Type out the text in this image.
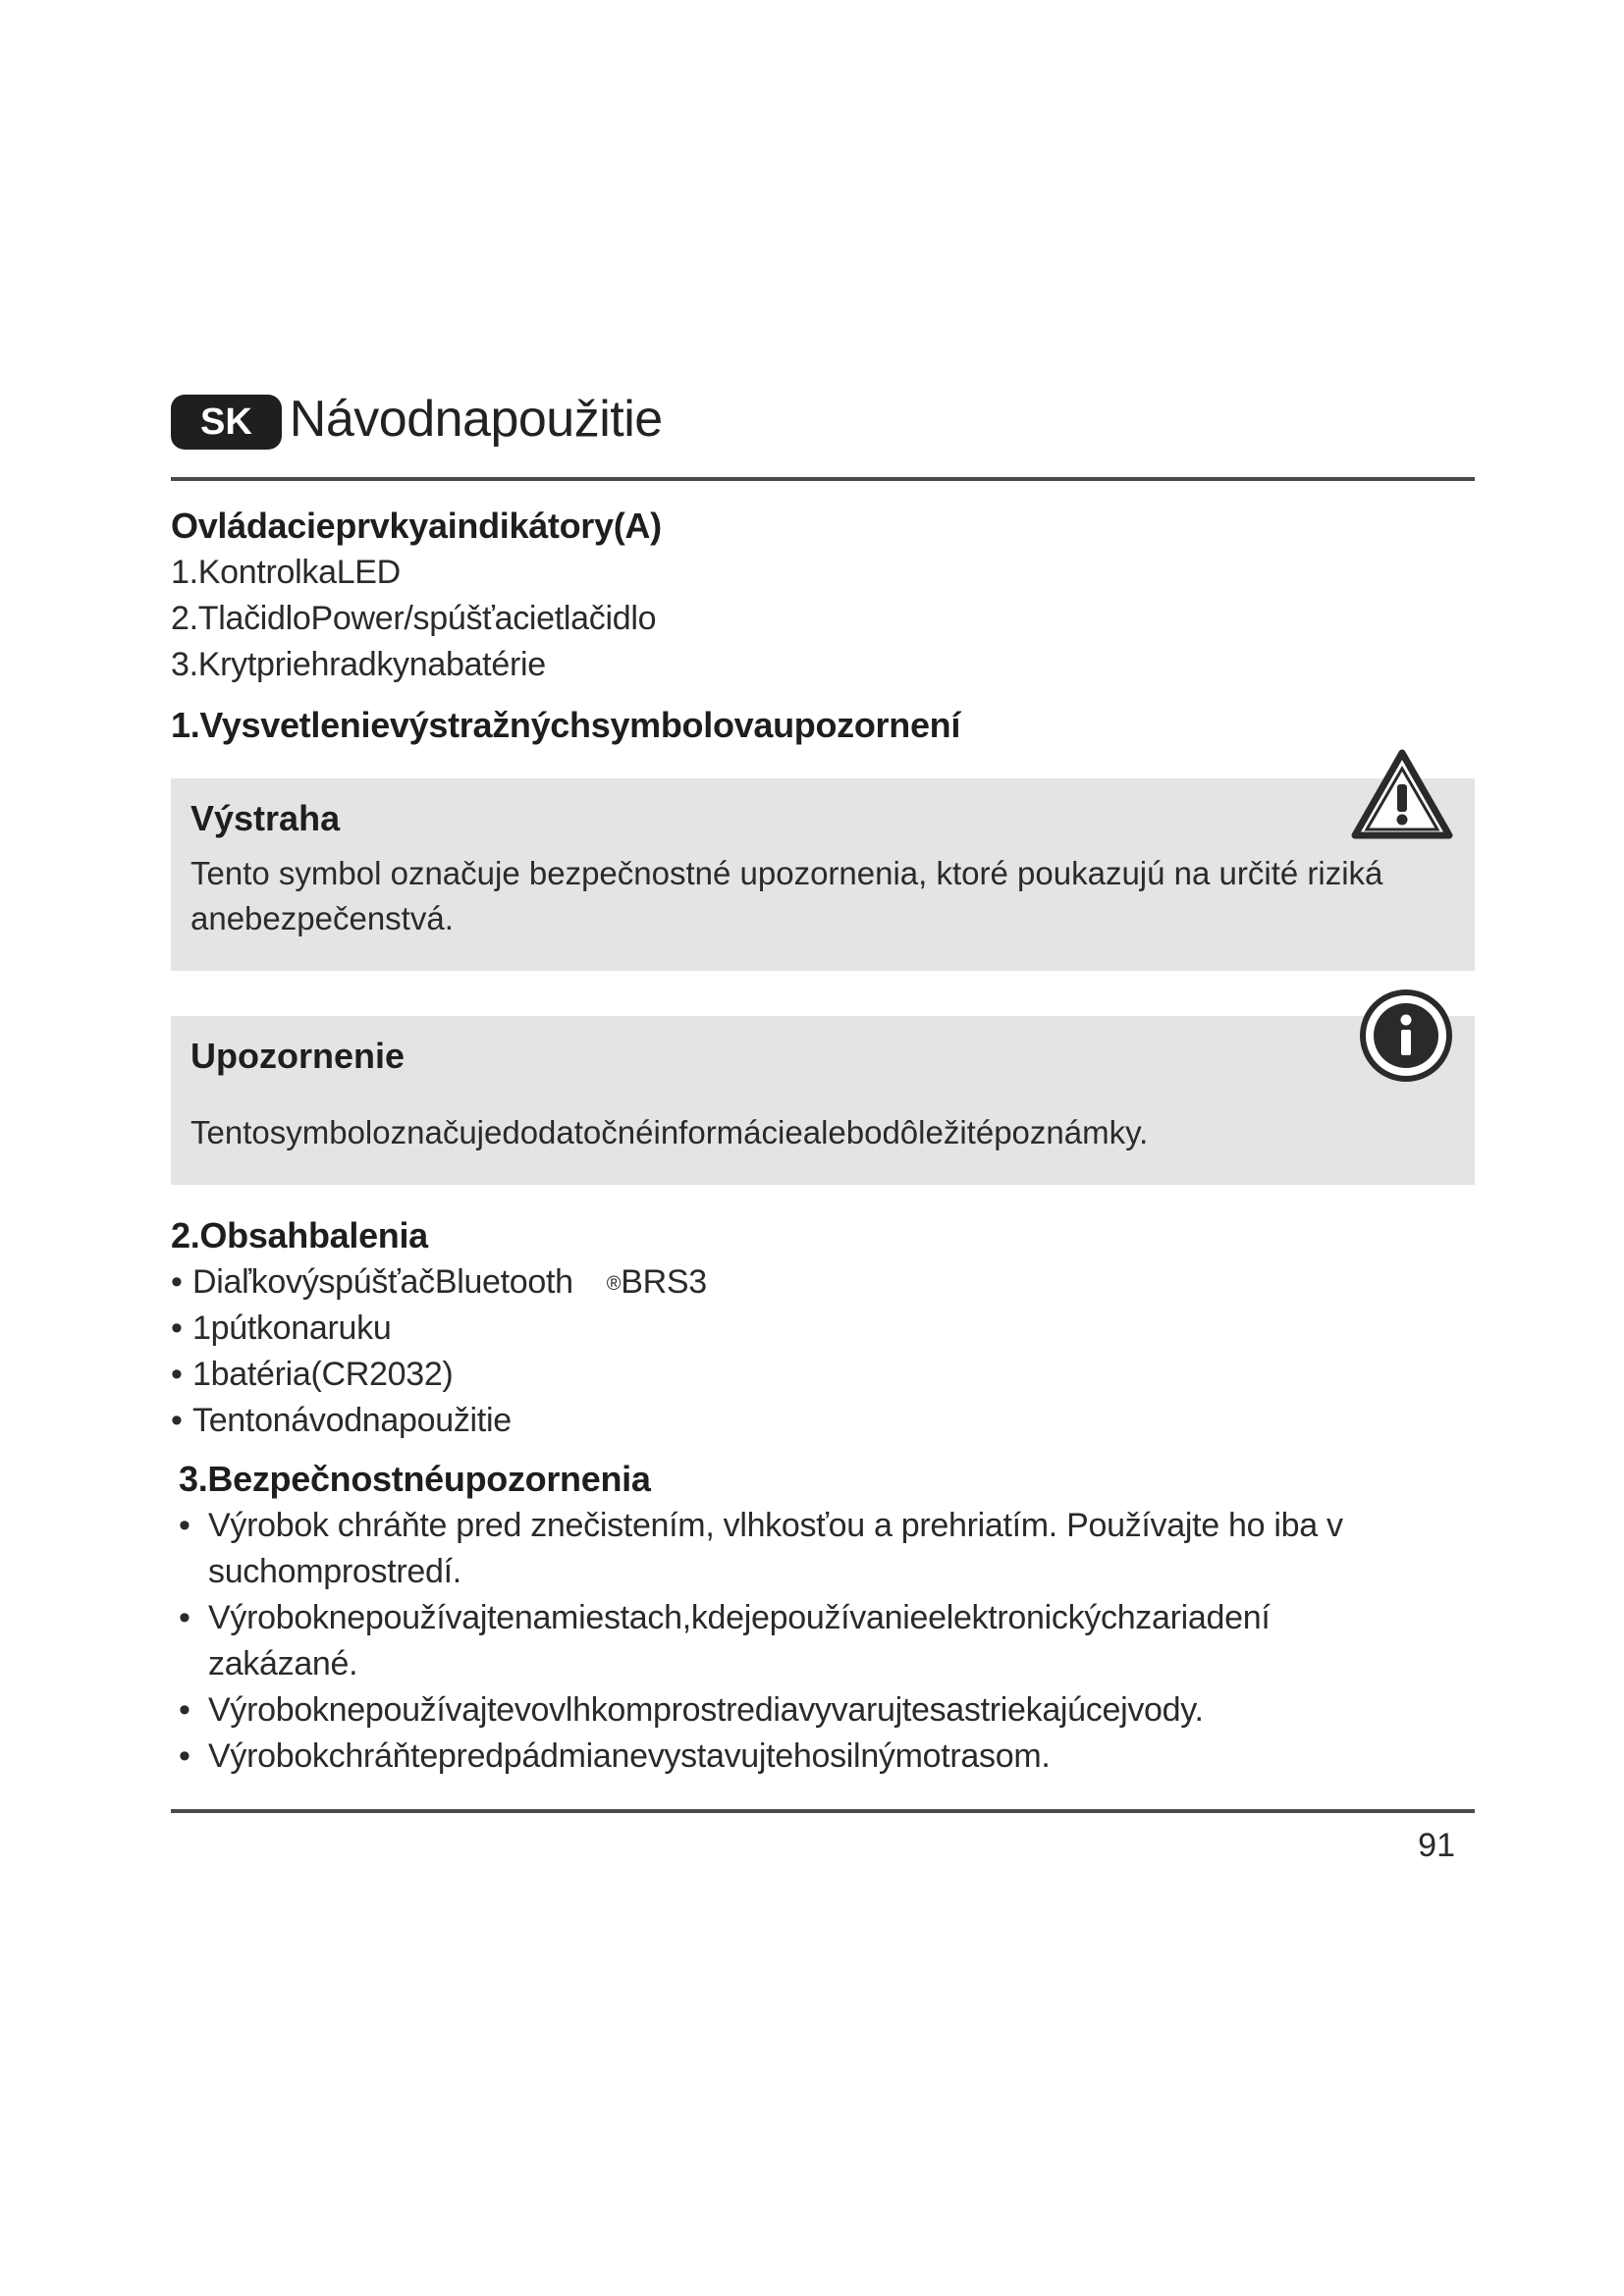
SK Návodnapoužitie
Ovládacieprvkyaindikátory(A)
1.KontrolkaLED
2.TlačidloPower/spúšťacietlačidlo
3.Krytpriehradkynabatérie
1.Vysvetlenievýstražnýchsymbolovaupozornení
Výstraha
Tento symbol označuje bezpečnostné upozornenia, ktoré poukazujú na určité riziká anebezpečenstvá.
Upozornenie
Tentosymboloznačujedodatočnéinformáciealebodôležitépoznámky.
2.Obsahbalenia
• DiaľkovýspúšťačBluetooth ®BRS3
• 1pútkonaruku
• 1batéria(CR2032)
• Tentonávodnapoužitie
3.Bezpečnostnéupozornenia
• Výrobok chráňte pred znečistením, vlhkosťou a prehriatím. Používajte ho iba v
suchomprostredí.
• Výroboknepoužívajtenamiestach,kdejepoužívanieelektronickýchzariadení
zakázané.
• Výroboknepoužívajtevovlhkomprostrediavyvarujtesastriekajúcejvody.
• Výrobokchráňtepredpádmianevystavujtehosilnýmotrasom.
91
